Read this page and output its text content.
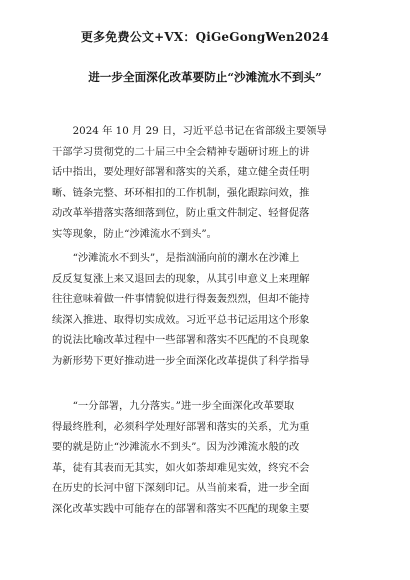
更多免费公文+VX：QiGeGongWen2024
进一步全面深化改革要防止“沙滩流水不到头”

　　2024 年 10 月 29 日，习近平总书记在省部级主要领导
干部学习贯彻党的二十届三中全会精神专题研讨班上的讲
话中指出，要处理好部署和落实的关系，建立健全责任明
晰、链条完整、环环相扣的工作机制，强化跟踪问效，推
动改革举措落实落细落到位，防止重文件制定、轻督促落
实等现象，防止“沙滩流水不到头”。

　　“沙滩流水不到头”，是指汹涌向前的潮水在沙滩上
反反复复涨上来又退回去的现象，从其引申意义上来理解
往往意味着做一件事情貌似进行得轰轰烈烈，但却不能持
续深入推进、取得切实成效。习近平总书记运用这个形象
的说法比喻改革过程中一些部署和落实不匹配的不良现象
为新形势下更好推动进一步全面深化改革提供了科学指导

　　“一分部署，九分落实。”进一步全面深化改革要取
得最终胜利，必须科学处理好部署和落实的关系，尤为重
要的就是防止“沙滩流水不到头”。因为沙滩流水般的改
革，徒有其表而无其实，如火如荼却难见实效，终究不会
在历史的长河中留下深刻印记。从当前来看，进一步全面
深化改革实践中可能存在的部署和落实不匹配的现象主要
